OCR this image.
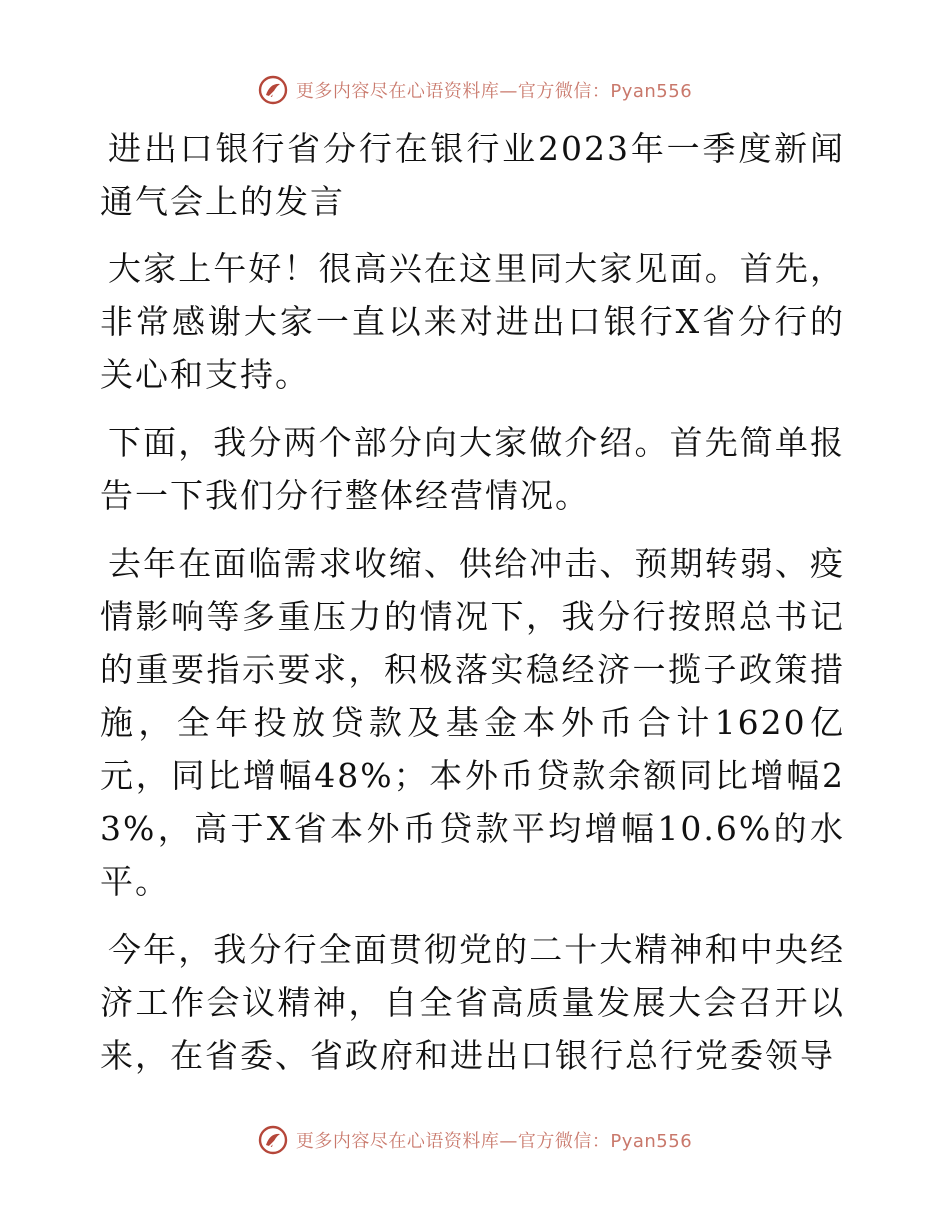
更多内容尽在心语资料库—官方微信：Pyan556

进出口银行省分行在银行业2023年一季度新闻通气会上的发言

大家上午好！很高兴在这里同大家见面。首先，非常感谢大家一直以来对进出口银行X省分行的关心和支持。

下面，我分两个部分向大家做介绍。首先简单报告一下我们分行整体经营情况。

去年在面临需求收缩、供给冲击、预期转弱、疫情影响等多重压力的情况下，我分行按照总书记的重要指示要求，积极落实稳经济一揽子政策措施，全年投放贷款及基金本外币合计1620亿元，同比增幅48%；本外币贷款余额同比增幅23%，高于X省本外币贷款平均增幅10.6%的水平。

今年，我分行全面贯彻党的二十大精神和中央经济工作会议精神，自全省高质量发展大会召开以来，在省委、省政府和进出口银行总行党委领导

更多内容尽在心语资料库—官方微信：Pyan556
